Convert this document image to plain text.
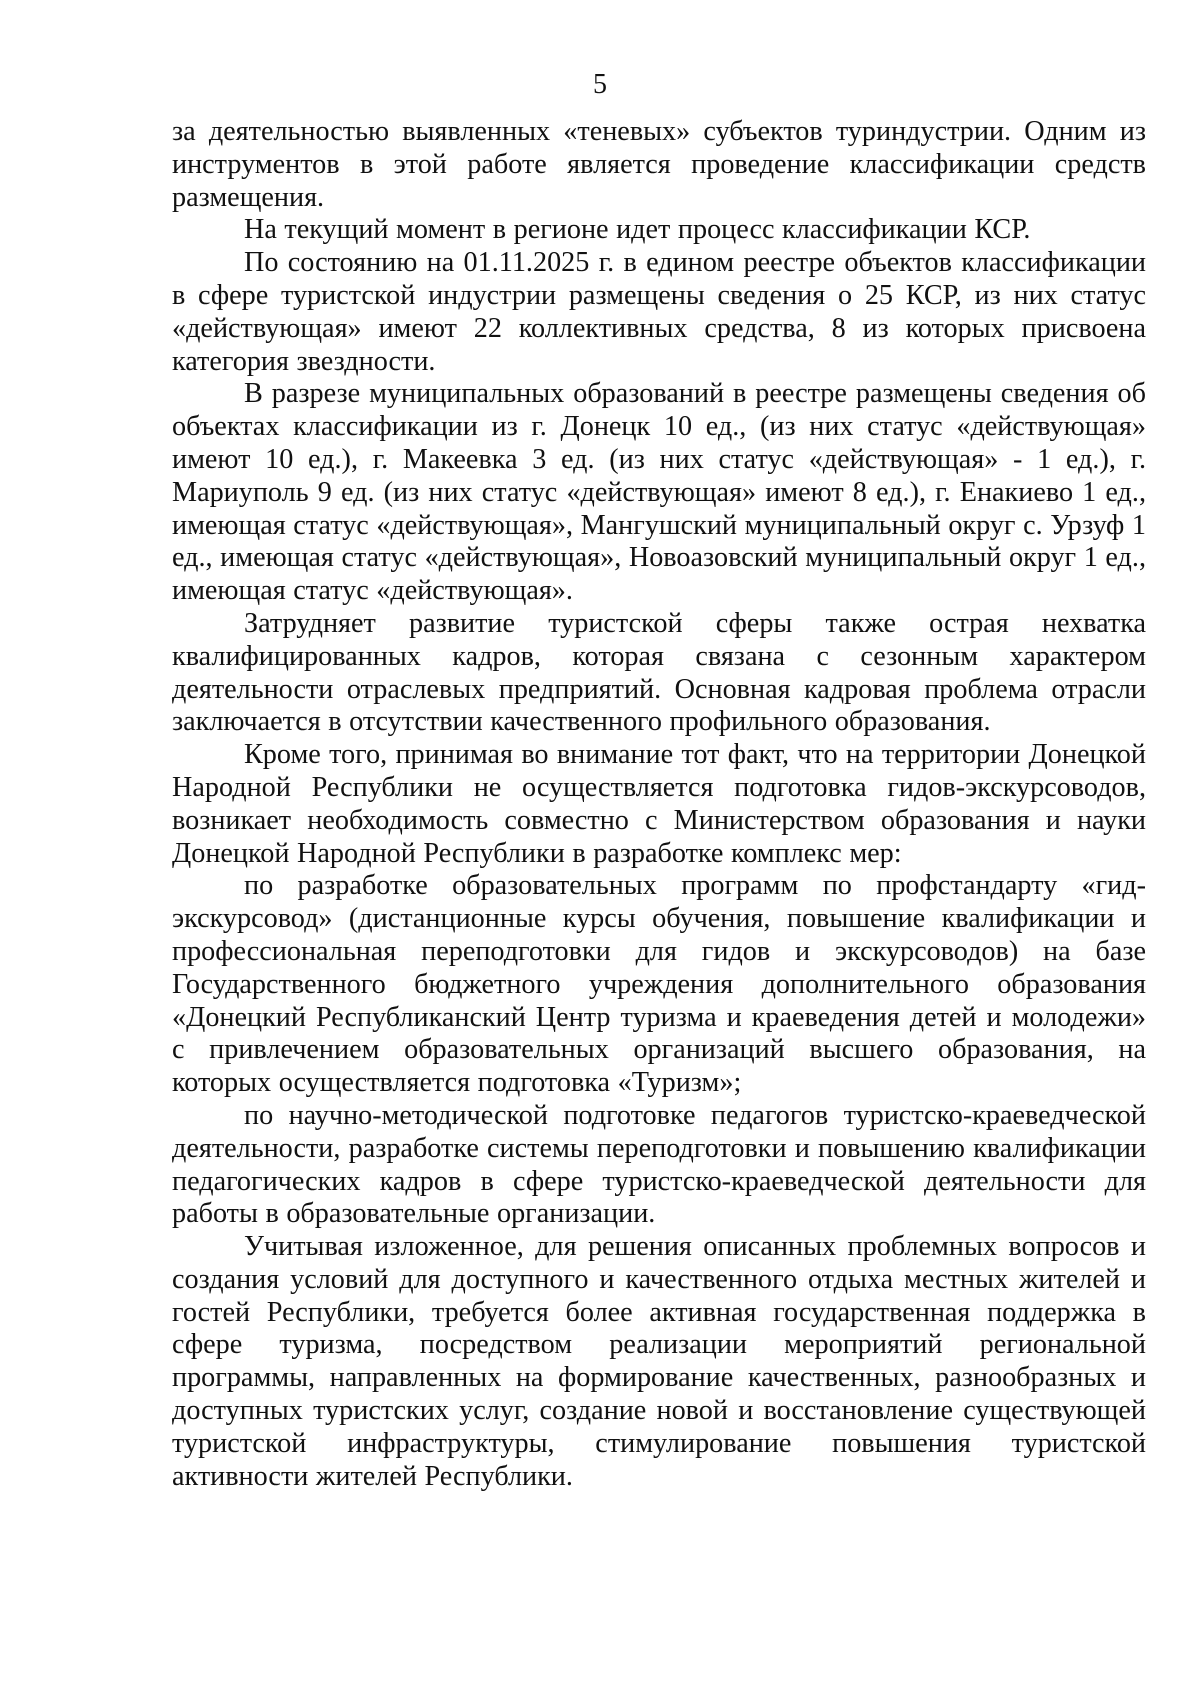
5

за деятельностью выявленных «теневых» субъектов туриндустрии. Одним из инструментов в этой работе является проведение классификации средств размещения.

На текущий момент в регионе идет процесс классификации КСР.

По состоянию на 01.11.2025 г. в едином реестре объектов классификации в сфере туристской индустрии размещены сведения о 25 КСР, из них статус «действующая» имеют 22 коллективных средства, 8 из которых присвоена категория звездности.

В разрезе муниципальных образований в реестре размещены сведения об объектах классификации из г. Донецк 10 ед., (из них статус «действующая» имеют 10 ед.), г. Макеевка 3 ед. (из них статус «действующая» - 1 ед.), г. Мариуполь 9 ед. (из них статус «действующая» имеют 8 ед.), г. Енакиево 1 ед., имеющая статус «действующая», Мангушский муниципальный округ с. Урзуф 1 ед., имеющая статус «действующая», Новоазовский муниципальный округ 1 ед., имеющая статус «действующая».

Затрудняет развитие туристской сферы также острая нехватка квалифицированных кадров, которая связана с сезонным характером деятельности отраслевых предприятий. Основная кадровая проблема отрасли заключается в отсутствии качественного профильного образования.

Кроме того, принимая во внимание тот факт, что на территории Донецкой Народной Республики не осуществляется подготовка гидов-экскурсоводов, возникает необходимость совместно с Министерством образования и науки Донецкой Народной Республики в разработке комплекс мер:

по разработке образовательных программ по профстандарту «гид-экскурсовод» (дистанционные курсы обучения, повышение квалификации и профессиональная переподготовки для гидов и экскурсоводов) на базе Государственного бюджетного учреждения дополнительного образования «Донецкий Республиканский Центр туризма и краеведения детей и молодежи» с привлечением образовательных организаций высшего образования, на которых осуществляется подготовка «Туризм»;

по научно-методической подготовке педагогов туристско-краеведческой деятельности, разработке системы переподготовки и повышению квалификации педагогических кадров в сфере туристско-краеведческой деятельности для работы в образовательные организации.

Учитывая изложенное, для решения описанных проблемных вопросов и создания условий для доступного и качественного отдыха местных жителей и гостей Республики, требуется более активная государственная поддержка в сфере туризма, посредством реализации мероприятий региональной программы, направленных на формирование качественных, разнообразных и доступных туристских услуг, создание новой и восстановление существующей туристской инфраструктуры, стимулирование повышения туристской активности жителей Республики.
